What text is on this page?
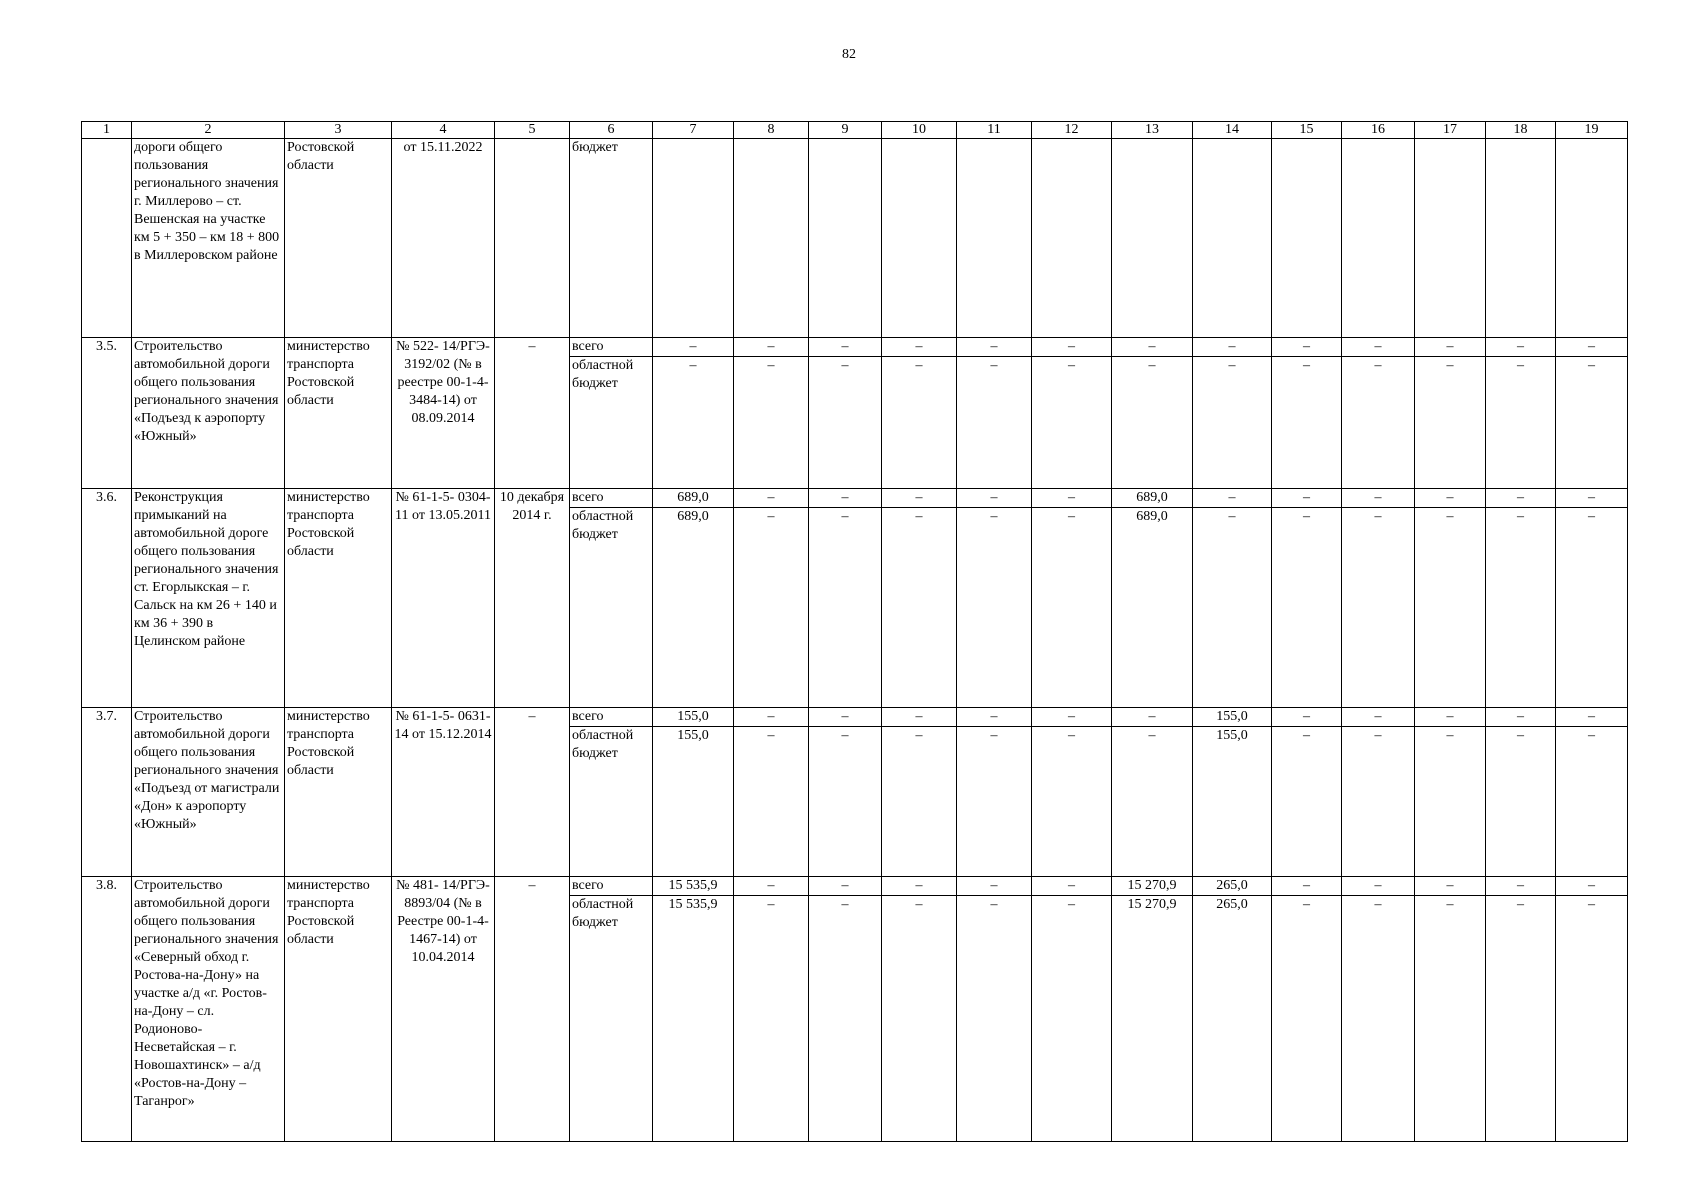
82
1	2	3	4	5	6	7	8	9	10	11	12	13	14	15	16	17	18	19
	дороги общего пользования регионального значения г. Миллерово – ст. Вешенская на участке км 5 + 350 – км 18 + 800 в Миллеровском районе	Ростовской области	от 15.11.2022		бюджет													
3.5.	Строительство автомобильной дороги общего пользования регионального значения «Подъезд к аэропорту «Южный»	министерство транспорта Ростовской области	№ 522- 14/РГЭ- 3192/02 (№ в реестре 00-1-4- 3484-14) от 08.09.2014	–	всего	–	–	–	–	–	–	–	–	–	–	–	–	–
					областной бюджет	–	–	–	–	–	–	–	–	–	–	–	–	–
3.6.	Реконструкция примыканий на автомобильной дороге общего пользования регионального значения ст. Егорлыкская – г. Сальск на км 26 + 140 и км 36 + 390 в Целинском районе	министерство транспорта Ростовской области	№ 61-1-5- 0304-11 от 13.05.2011	10 декабря 2014 г.	всего	689,0	–	–	–	–	–	689,0	–	–	–	–	–	–
					областной бюджет	689,0	–	–	–	–	–	689,0	–	–	–	–	–	–
3.7.	Строительство автомобильной дороги общего пользования регионального значения «Подъезд от магистрали «Дон» к аэропорту «Южный»	министерство транспорта Ростовской области	№ 61-1-5- 0631-14 от 15.12.2014	–	всего	155,0	–	–	–	–	–	–	155,0	–	–	–	–	–
					областной бюджет	155,0	–	–	–	–	–	–	155,0	–	–	–	–	–
3.8.	Строительство автомобильной дороги общего пользования регионального значения «Северный обход г. Ростова-на-Дону» на участке а/д «г. Ростов-на-Дону – сл. Родионово- Несветайская – г. Новошахтинск» – а/д «Ростов-на-Дону – Таганрог»	министерство транспорта Ростовской области	№ 481- 14/РГЭ- 8893/04 (№ в Реестре 00-1-4- 1467-14) от 10.04.2014	–	всего	15 535,9	–	–	–	–	–	15 270,9	265,0	–	–	–	–	–
					областной бюджет	15 535,9	–	–	–	–	–	15 270,9	265,0	–	–	–	–	–
